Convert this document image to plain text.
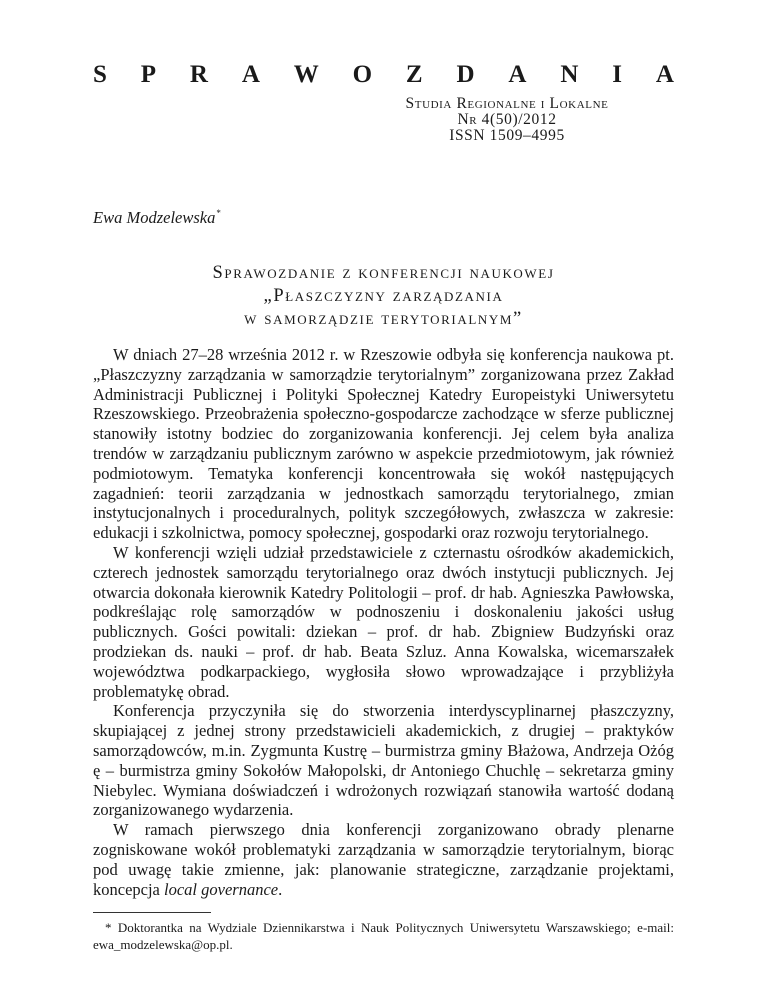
S P R A W O Z D A N I A
Studia Regionalne i Lokalne
Nr 4(50)/2012
ISSN 1509–4995
Ewa Modzelewska*
Sprawozdanie z konferencji naukowej
„Płaszczyzny zarządzania
w samorządzie terytorialnym”

W dniach 27–28 września 2012 r. w Rzeszowie odbyła się konferencja naukowa pt. „Płaszczyzny zarządzania w samorządzie terytorialnym” zorganizowana przez Zakład Administracji Publicznej i Polityki Społecznej Katedry Europeistyki Uniwersytetu Rzeszowskiego. Przeobrażenia społeczno-gospodarcze zachodzące w sferze publicznej stanowiły istotny bodziec do zorganizowania konferencji. Jej celem była analiza trendów w zarządzaniu publicznym zarówno w aspekcie przedmiotowym, jak również podmiotowym. Tematyka konferencji koncentrowała się wokół następujących zagadnień: teorii zarządzania w jednostkach samorządu terytorialnego, zmian instytucjonalnych i proceduralnych, polityk szczegółowych, zwłaszcza w zakresie: edukacji i szkolnictwa, pomocy społecznej, gospodarki oraz rozwoju terytorialnego.

W konferencji wzięli udział przedstawiciele z czternastu ośrodków akademickich, czterech jednostek samorządu terytorialnego oraz dwóch instytucji publicznych. Jej otwarcia dokonała kierownik Katedry Politologii – prof. dr hab. Agnieszka Pawłowska, podkreślając rolę samorządów w podnoszeniu i doskonaleniu jakości usług publicznych. Gości powitali: dziekan – prof. dr hab. Zbigniew Budzyński oraz prodziekan ds. nauki – prof. dr hab. Beata Szluz. Anna Kowalska, wicemarszałek województwa podkarpackiego, wygłosiła słowo wprowadzające i przybliżyła problematykę obrad.

Konferencja przyczyniła się do stworzenia interdyscyplinarnej płaszczyzny, skupiającej z jednej strony przedstawicieli akademickich, z drugiej – praktyków samorządowców, m.in. Zygmunta Kustrę – burmistrza gminy Błażowa, Andrzeja Ożóg ę – burmistrza gminy Sokołów Małopolski, dr Antoniego Chuchlę – sekretarza gminy Niebylec. Wymiana doświadczeń i wdrożonych rozwiązań stanowiła wartość dodaną zorganizowanego wydarzenia.

W ramach pierwszego dnia konferencji zorganizowano obrady plenarne zogniskowane wokół problematyki zarządzania w samorządzie terytorialnym, biorąc pod uwagę takie zmienne, jak: planowanie strategiczne, zarządzanie projektami, koncepcja local governance.

* Doktorantka na Wydziale Dziennikarstwa i Nauk Politycznych Uniwersytetu Warszawskiego; e-mail: ewa_modzelewska@op.pl.
